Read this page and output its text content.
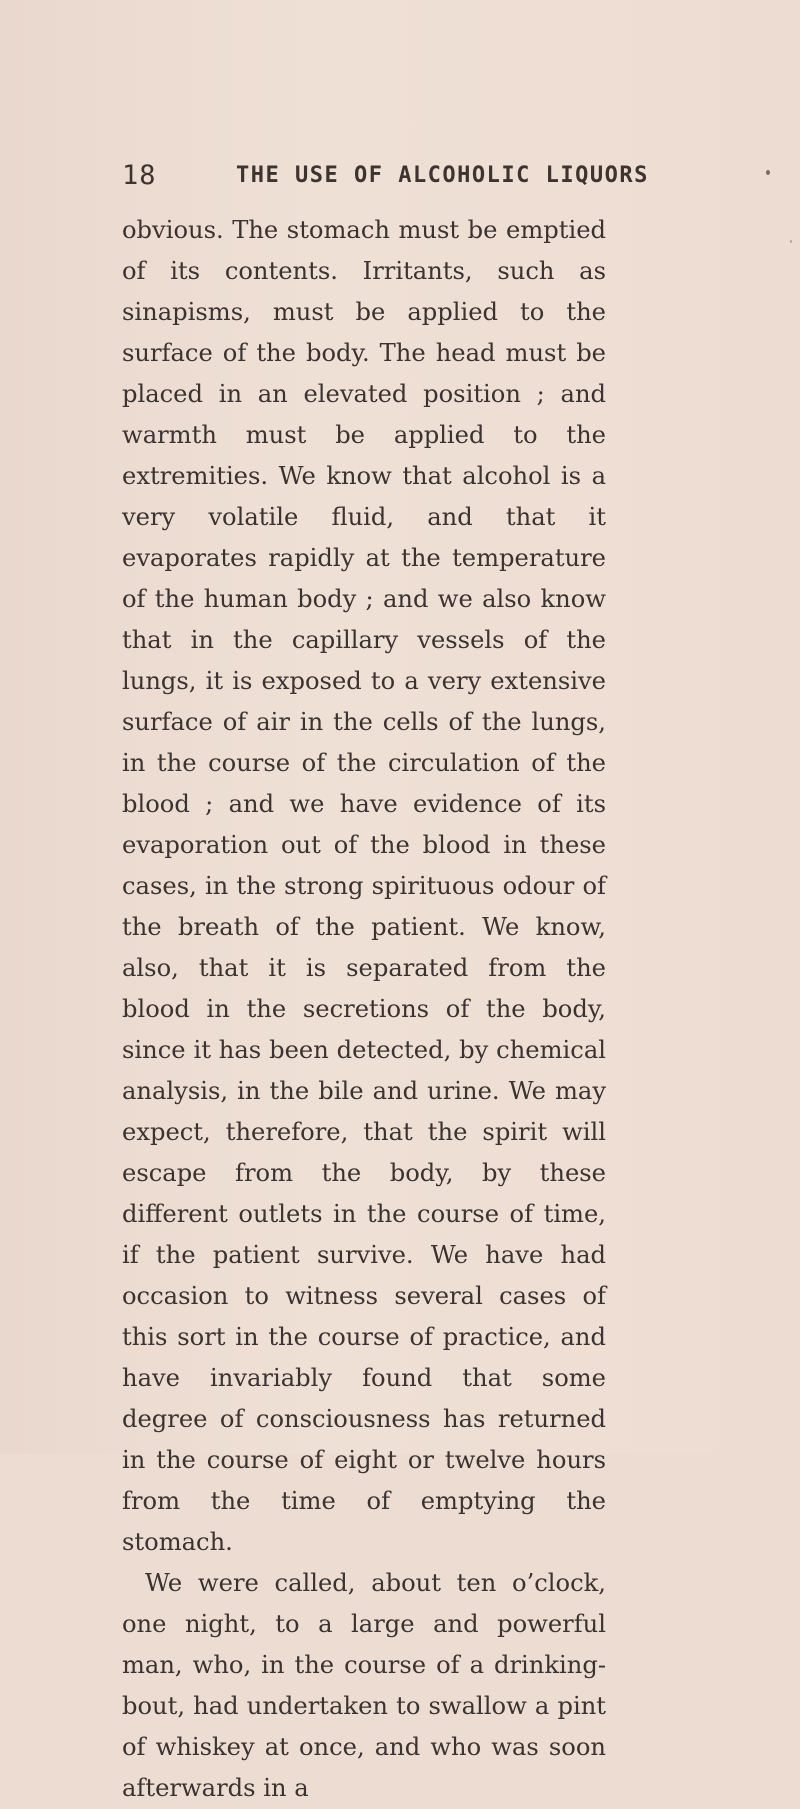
18	THE USE OF ALCOHOLIC LIQUORS

obvious. The stomach must be emptied of its contents. Irritants, such as sinapisms, must be applied to the surface of the body. The head must be placed in an elevated position ; and warmth must be applied to the extremities. We know that alcohol is a very volatile fluid, and that it evaporates rapidly at the temperature of the human body ; and we also know that in the capillary vessels of the lungs, it is exposed to a very extensive surface of air in the cells of the lungs, in the course of the circulation of the blood ; and we have evidence of its evaporation out of the blood in these cases, in the strong spirituous odour of the breath of the patient. We know, also, that it is separated from the blood in the secretions of the body, since it has been detected, by chemical analysis, in the bile and urine. We may expect, therefore, that the spirit will escape from the body, by these different outlets in the course of time, if the patient survive. We have had occasion to witness several cases of this sort in the course of practice, and have invariably found that some degree of consciousness has returned in the course of eight or twelve hours from the time of emptying the stomach.

We were called, about ten o’clock, one night, to a large and powerful man, who, in the course of a drinking-bout, had undertaken to swallow a pint of whiskey at once, and who was soon afterwards in a
